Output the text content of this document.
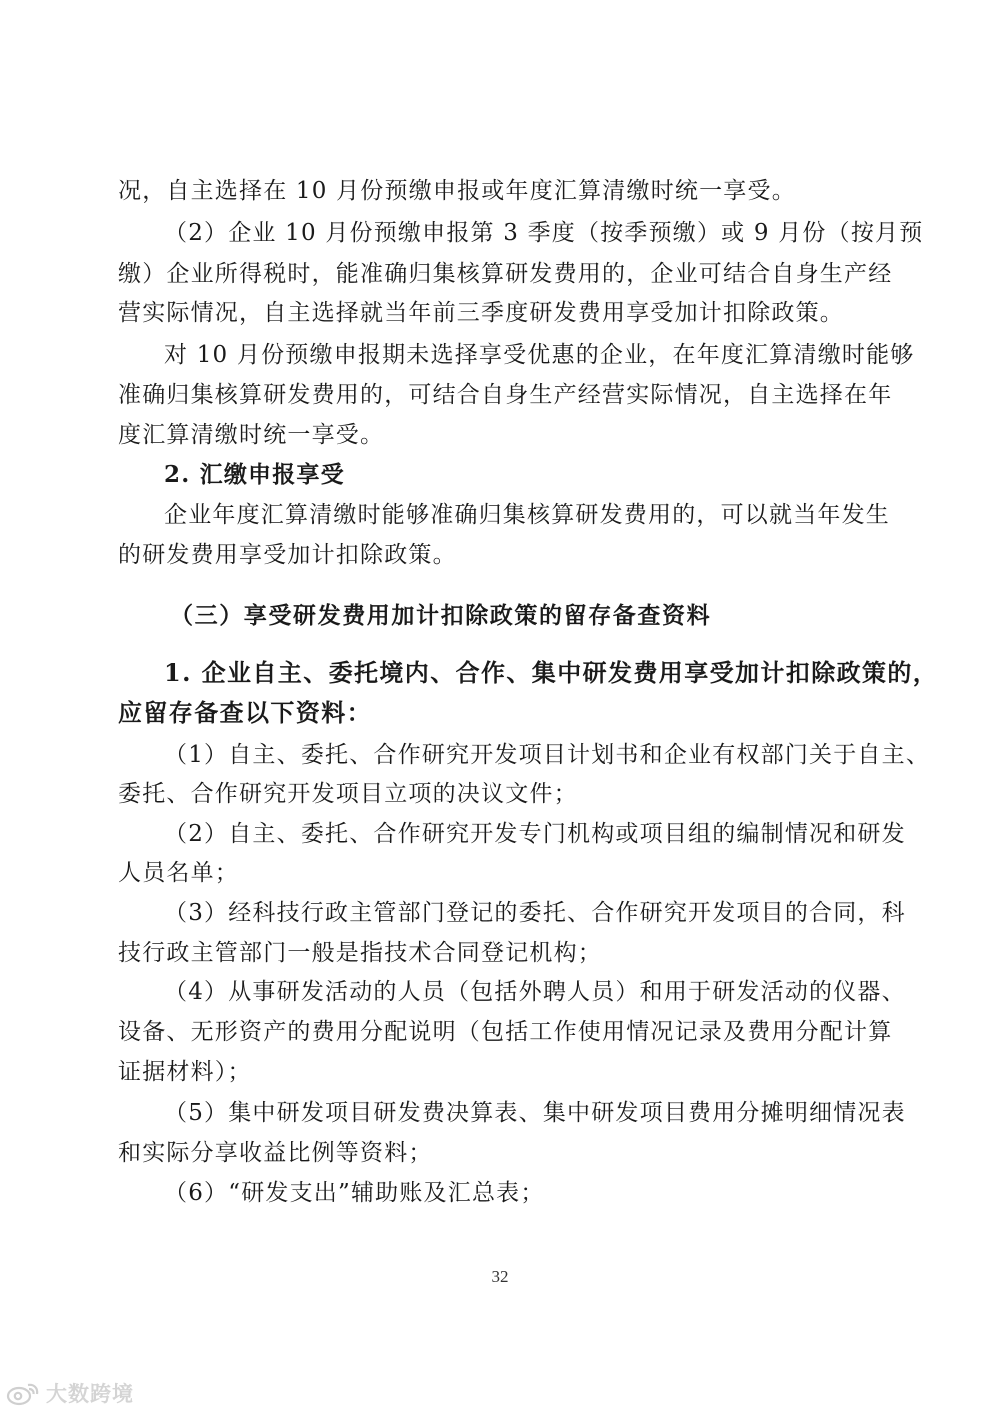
况，自主选择在 10 月份预缴申报或年度汇算清缴时统一享受。
（2）企业 10 月份预缴申报第 3 季度（按季预缴）或 9 月份（按月预
缴）企业所得税时，能准确归集核算研发费用的，企业可结合自身生产经
营实际情况，自主选择就当年前三季度研发费用享受加计扣除政策。
对 10 月份预缴申报期未选择享受优惠的企业，在年度汇算清缴时能够
准确归集核算研发费用的，可结合自身生产经营实际情况，自主选择在年
度汇算清缴时统一享受。
2. 汇缴申报享受
企业年度汇算清缴时能够准确归集核算研发费用的，可以就当年发生
的研发费用享受加计扣除政策。
（三）享受研发费用加计扣除政策的留存备查资料
1. 企业自主、委托境内、合作、集中研发费用享受加计扣除政策的，
应留存备查以下资料：
（1）自主、委托、合作研究开发项目计划书和企业有权部门关于自主、
委托、合作研究开发项目立项的决议文件；
（2）自主、委托、合作研究开发专门机构或项目组的编制情况和研发
人员名单；
（3）经科技行政主管部门登记的委托、合作研究开发项目的合同，科
技行政主管部门一般是指技术合同登记机构；
（4）从事研发活动的人员（包括外聘人员）和用于研发活动的仪器、
设备、无形资产的费用分配说明（包括工作使用情况记录及费用分配计算
证据材料）；
（5）集中研发项目研发费决算表、集中研发项目费用分摊明细情况表
和实际分享收益比例等资料；
（6）“研发支出”辅助账及汇总表；
32
大数跨境
